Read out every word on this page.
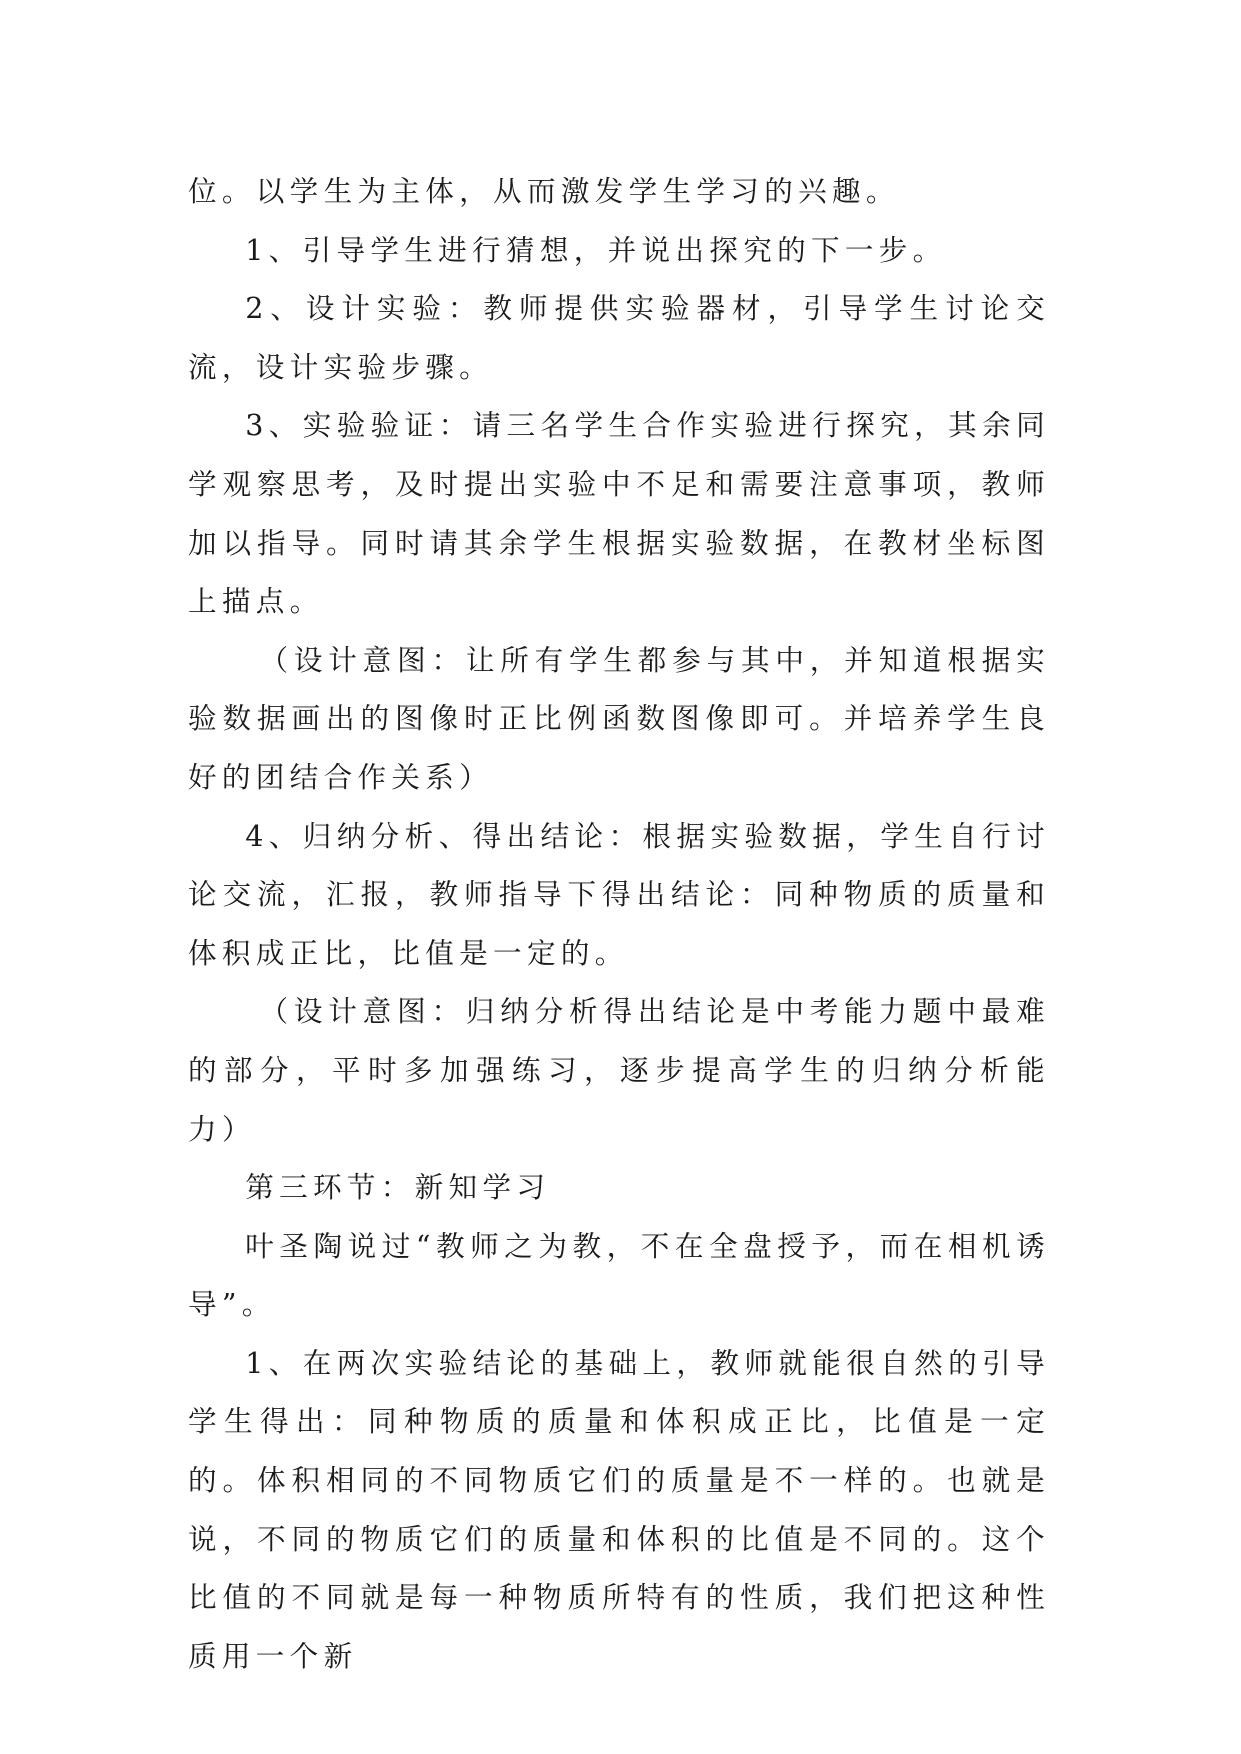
位。以学生为主体，从而激发学生学习的兴趣。

1、引导学生进行猜想，并说出探究的下一步。

2、设计实验：教师提供实验器材，引导学生讨论交流，设计实验步骤。

3、实验验证：请三名学生合作实验进行探究，其余同学观察思考，及时提出实验中不足和需要注意事项，教师加以指导。同时请其余学生根据实验数据，在教材坐标图上描点。

（设计意图：让所有学生都参与其中，并知道根据实验数据画出的图像时正比例函数图像即可。并培养学生良好的团结合作关系）

4、归纳分析、得出结论：根据实验数据，学生自行讨论交流，汇报，教师指导下得出结论：同种物质的质量和体积成正比，比值是一定的。

（设计意图：归纳分析得出结论是中考能力题中最难的部分，平时多加强练习，逐步提高学生的归纳分析能力）

第三环节：新知学习

叶圣陶说过“教师之为教，不在全盘授予，而在相机诱导”。

1、在两次实验结论的基础上，教师就能很自然的引导学生得出：同种物质的质量和体积成正比，比值是一定的。体积相同的不同物质它们的质量是不一样的。也就是说，不同的物质它们的质量和体积的比值是不同的。这个比值的不同就是每一种物质所特有的性质，我们把这种性质用一个新
